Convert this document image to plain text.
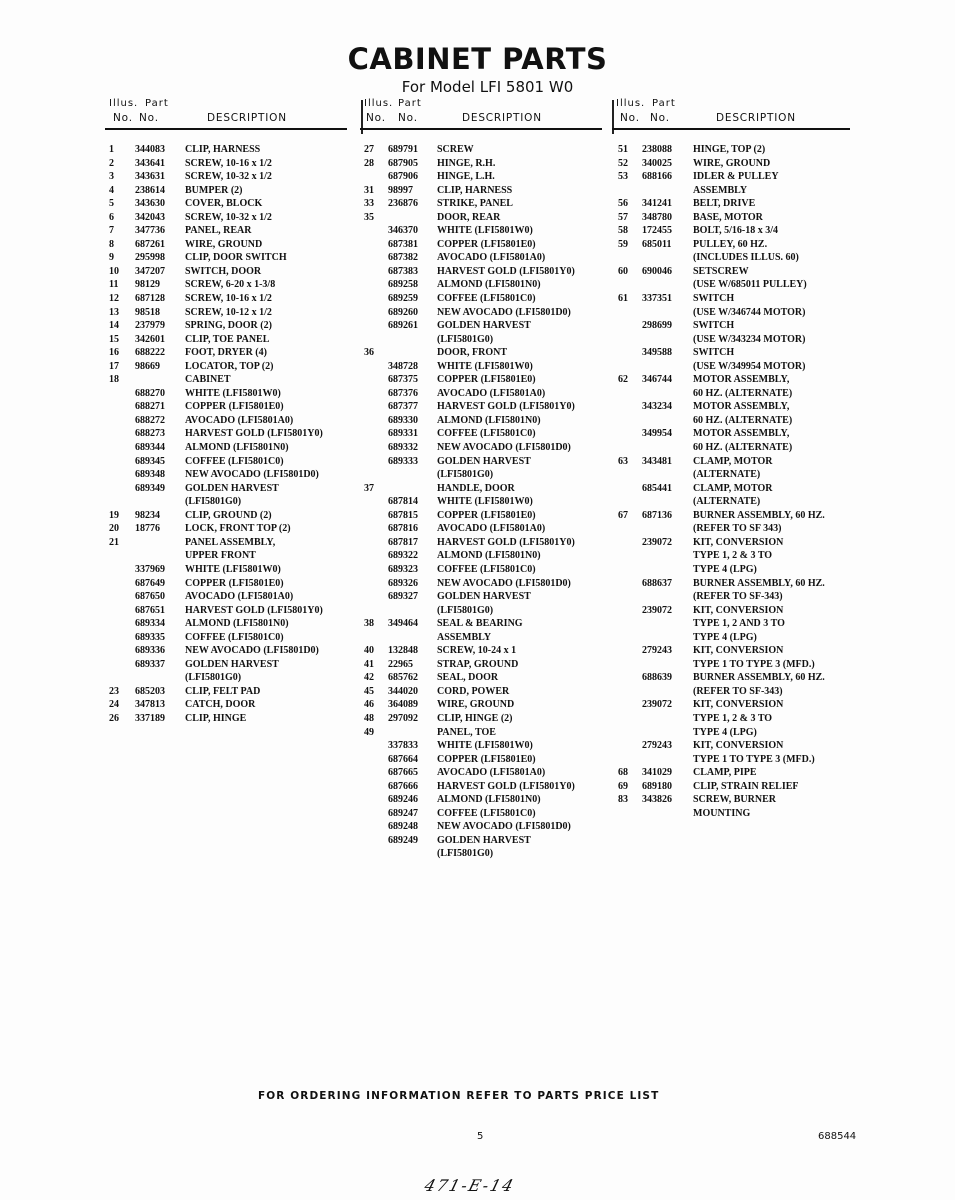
CABINET PARTS
For Model LFI 5801 W0
Illus. Part
No. No.	DESCRIPTION
1 344083 CLIP, HARNESS
2 343641 SCREW, 10-16 x 1/2
3 343631 SCREW, 10-32 x 1/2
4 238614 BUMPER (2)
5 343630 COVER, BLOCK
6 342043 SCREW, 10-32 x 1/2
7 347736 PANEL, REAR
8 687261 WIRE, GROUND
9 295998 CLIP, DOOR SWITCH
10 347207 SWITCH, DOOR
11 98129	SCREW, 6-20 x 1-3/8
12 687128 SCREW, 10-16 x 1/2
13 98518	SCREW, 10-12 x 1/2
14 237979 SPRING, DOOR (2)
15 342601 CLIP, TOE PANEL
16 688222 FOOT, DRYER (4)
17 98669	LOCATOR, TOP (2)
18	CABINET
688270 WHITE (LFI5801W0)
688271 COPPER (LFI5801E0)
688272 AVOCADO (LFI5801A0)
688273 HARVEST GOLD (LFI5801Y0)
689344 ALMOND (LFI5801N0)
689345 COFFEE (LFI5801C0)
689348 NEW AVOCADO (LFI5801D0)
689349 GOLDEN HARVEST
(LFI5801G0)
19 98234	CLIP, GROUND (2)
20 18776	LOCK, FRONT TOP (2)
21	PANEL ASSEMBLY,
UPPER FRONT
337969 WHITE (LFI5801W0)
687649 COPPER (LFI5801E0)
687650 AVOCADO (LFI5801A0)
687651 HARVEST GOLD (LFI5801Y0)
689334 ALMOND (LFI5801N0)
689335 COFFEE (LFI5801C0)
689336 NEW AVOCADO (LFI5801D0)
689337 GOLDEN HARVEST
(LFI5801G0)
23 685203 CLIP, FELT PAD
24 347813 CATCH, DOOR
26 337189 CLIP, HINGE
Illus. Part
No. No.	DESCRIPTION
27 689791 SCREW
28 687905 HINGE, R.H.
687906 HINGE, L.H.
31 98997 CLIP, HARNESS
33 236876 STRIKE, PANEL
35	DOOR, REAR
346370 WHITE (LFI5801W0)
687381 COPPER (LFI5801E0)
687382 AVOCADO (LFI5801A0)
687383 HARVEST GOLD (LFI5801Y0)
689258 ALMOND (LFI5801N0)
689259 COFFEE (LFI5801C0)
689260 NEW AVOCADO (LFI5801D0)
689261 GOLDEN HARVEST
(LFI5801G0)
36	DOOR, FRONT
348728 WHITE (LFI5801W0)
687375 COPPER (LFI5801E0)
687376 AVOCADO (LFI5801A0)
687377 HARVEST GOLD (LFI5801Y0)
689330 ALMOND (LFI5801N0)
689331 COFFEE (LFI5801C0)
689332 NEW AVOCADO (LFI5801D0)
689333 GOLDEN HARVEST
(LFI5801G0)
37	HANDLE, DOOR
687814 WHITE (LFI5801W0)
687815 COPPER (LFI5801E0)
687816 AVOCADO (LFI5801A0)
687817 HARVEST GOLD (LFI5801Y0)
689322 ALMOND (LFI5801N0)
689323 COFFEE (LFI5801C0)
689326 NEW AVOCADO (LFI5801D0)
689327 GOLDEN HARVEST
(LFI5801G0)
38 349464 SEAL & BEARING
ASSEMBLY
40 132848 SCREW, 10-24 x 1
41 22965 STRAP, GROUND
42 685762 SEAL, DOOR
45 344020 CORD, POWER
46 364089 WIRE, GROUND
48 297092 CLIP, HINGE (2)
49	PANEL, TOE
337833 WHITE (LFI5801W0)
687664 COPPER (LFI5801E0)
687665 AVOCADO (LFI5801A0)
687666 HARVEST GOLD (LFI5801Y0)
689246 ALMOND (LFI5801N0)
689247 COFFEE (LFI5801C0)
689248 NEW AVOCADO (LFI5801D0)
689249 GOLDEN HARVEST
(LFI5801G0)
Illus. Part
No. No.	DESCRIPTION
51 238088 HINGE, TOP (2)
52 340025 WIRE, GROUND
53 688166 IDLER & PULLEY
ASSEMBLY
56 341241 BELT, DRIVE
57 348780 BASE, MOTOR
58 172455 BOLT, 5/16-18 x 3/4
59 685011 PULLEY, 60 HZ.
(INCLUDES ILLUS. 60)
60 690046 SETSCREW
(USE W/685011 PULLEY)
61 337351 SWITCH
(USE W/346744 MOTOR)
298699 SWITCH
(USE W/343234 MOTOR)
349588 SWITCH
(USE W/349954 MOTOR)
62 346744 MOTOR ASSEMBLY,
60 HZ. (ALTERNATE)
343234 MOTOR ASSEMBLY,
60 HZ. (ALTERNATE)
349954 MOTOR ASSEMBLY,
60 HZ. (ALTERNATE)
63 343481 CLAMP, MOTOR
(ALTERNATE)
685441 CLAMP, MOTOR
(ALTERNATE)
67 687136 BURNER ASSEMBLY, 60 HZ.
(REFER TO SF 343)
239072 KIT, CONVERSION
TYPE 1, 2 & 3 TO
TYPE 4 (LPG)
688637 BURNER ASSEMBLY, 60 HZ.
(REFER TO SF-343)
239072 KIT, CONVERSION
TYPE 1, 2 AND 3 TO
TYPE 4 (LPG)
279243 KIT, CONVERSION
TYPE 1 TO TYPE 3 (MFD.)
688639 BURNER ASSEMBLY, 60 HZ.
(REFER TO SF-343)
239072 KIT, CONVERSION
TYPE 1, 2 & 3 TO
TYPE 4 (LPG)
279243 KIT, CONVERSION
TYPE 1 TO TYPE 3 (MFD.)
68 341029 CLAMP, PIPE
69 689180 CLIP, STRAIN RELIEF
83 343826 SCREW, BURNER
MOUNTING
FOR ORDERING INFORMATION REFER TO PARTS PRICE LIST
5	688544
471-E-14
